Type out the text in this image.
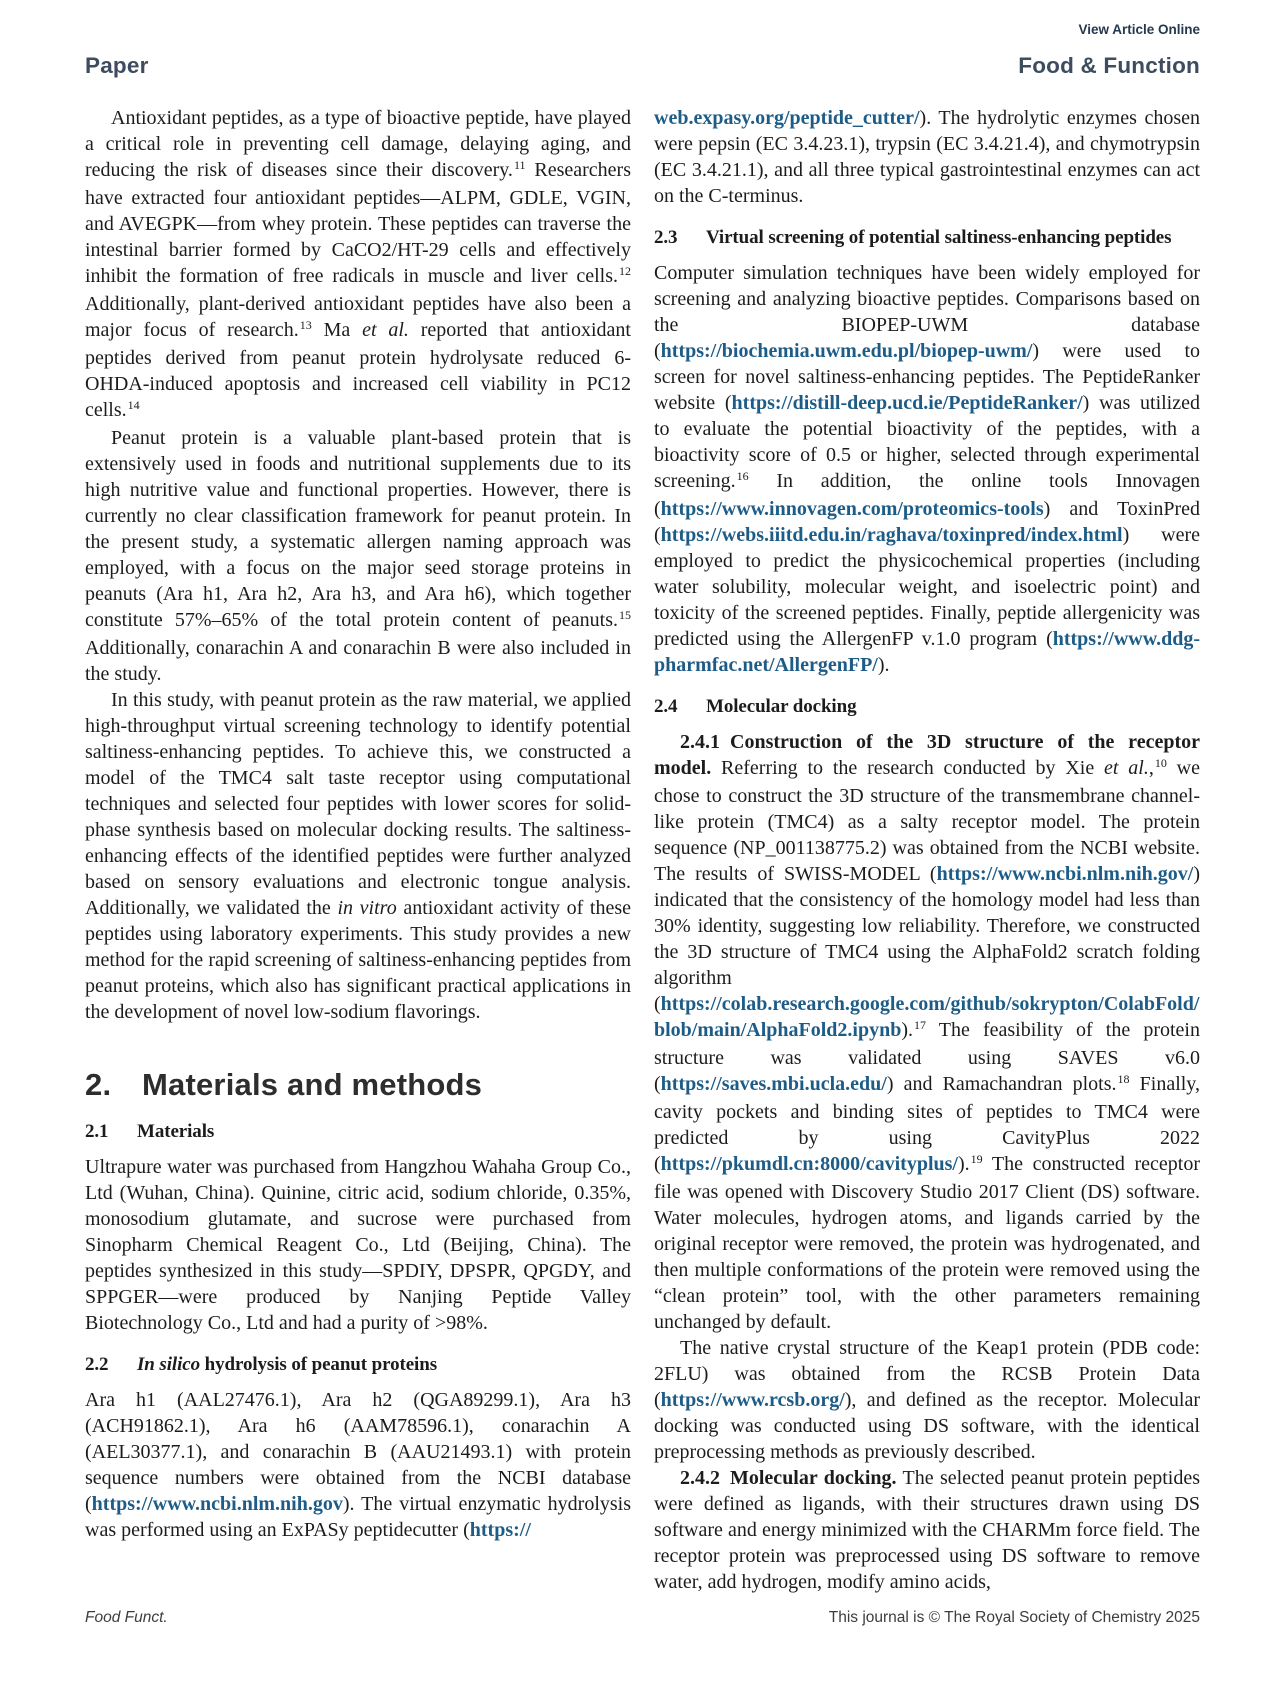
View Article Online
Paper	Food & Function

Antioxidant peptides, as a type of bioactive peptide, have played a critical role in preventing cell damage, delaying aging, and reducing the risk of diseases since their discovery.$^{11}$ Researchers have extracted four antioxidant peptides—ALPM, GDLE, VGIN, and AVEGPK—from whey protein. These peptides can traverse the intestinal barrier formed by CaCO2/HT-29 cells and effectively inhibit the formation of free radicals in muscle and liver cells.$^{12}$ Additionally, plant-derived antioxidant peptides have also been a major focus of research.$^{13}$ Ma et al. reported that antioxidant peptides derived from peanut protein hydrolysate reduced 6-OHDA-induced apoptosis and increased cell viability in PC12 cells.$^{14}$

Peanut protein is a valuable plant-based protein that is extensively used in foods and nutritional supplements due to its high nutritive value and functional properties. However, there is currently no clear classification framework for peanut protein. In the present study, a systematic allergen naming approach was employed, with a focus on the major seed storage proteins in peanuts (Ara h1, Ara h2, Ara h3, and Ara h6), which together constitute 57%–65% of the total protein content of peanuts.$^{15}$ Additionally, conarachin A and conarachin B were also included in the study.

In this study, with peanut protein as the raw material, we applied high-throughput virtual screening technology to identify potential saltiness-enhancing peptides. To achieve this, we constructed a model of the TMC4 salt taste receptor using computational techniques and selected four peptides with lower scores for solid-phase synthesis based on molecular docking results. The saltiness-enhancing effects of the identified peptides were further analyzed based on sensory evaluations and electronic tongue analysis. Additionally, we validated the in vitro antioxidant activity of these peptides using laboratory experiments. This study provides a new method for the rapid screening of saltiness-enhancing peptides from peanut proteins, which also has significant practical applications in the development of novel low-sodium flavorings.

2. Materials and methods
2.1 Materials

Ultrapure water was purchased from Hangzhou Wahaha Group Co., Ltd (Wuhan, China). Quinine, citric acid, sodium chloride, 0.35%, monosodium glutamate, and sucrose were purchased from Sinopharm Chemical Reagent Co., Ltd (Beijing, China). The peptides synthesized in this study—SPDIY, DPSPR, QPGDY, and SPPGER—were produced by Nanjing Peptide Valley Biotechnology Co., Ltd and had a purity of >98%.

2.2 In silico hydrolysis of peanut proteins

Ara h1 (AAL27476.1), Ara h2 (QGA89299.1), Ara h3 (ACH91862.1), Ara h6 (AAM78596.1), conarachin A (AEL30377.1), and conarachin B (AAU21493.1) with protein sequence numbers were obtained from the NCBI database (https://www.ncbi.nlm.nih.gov). The virtual enzymatic hydrolysis was performed using an ExPASy peptidecutter (https://

web.expasy.org/peptide_cutter/). The hydrolytic enzymes chosen were pepsin (EC 3.4.23.1), trypsin (EC 3.4.21.4), and chymotrypsin (EC 3.4.21.1), and all three typical gastrointestinal enzymes can act on the C-terminus.

2.3 Virtual screening of potential saltiness-enhancing peptides

Computer simulation techniques have been widely employed for screening and analyzing bioactive peptides. Comparisons based on the BIOPEP-UWM database (https://biochemia.uwm.edu.pl/biopep-uwm/) were used to screen for novel saltiness-enhancing peptides. The PeptideRanker website (https://distill-deep.ucd.ie/PeptideRanker/) was utilized to evaluate the potential bioactivity of the peptides, with a bioactivity score of 0.5 or higher, selected through experimental screening.$^{16}$ In addition, the online tools Innovagen (https://www.innovagen.com/proteomics-tools) and ToxinPred (https://webs.iiitd.edu.in/raghava/toxinpred/index.html) were employed to predict the physicochemical properties (including water solubility, molecular weight, and isoelectric point) and toxicity of the screened peptides. Finally, peptide allergenicity was predicted using the AllergenFP v.1.0 program (https://www.ddg-pharmfac.net/AllergenFP/).

2.4 Molecular docking

2.4.1 Construction of the 3D structure of the receptor model. Referring to the research conducted by Xie et al.,$^{10}$ we chose to construct the 3D structure of the transmembrane channel-like protein (TMC4) as a salty receptor model. The protein sequence (NP_001138775.2) was obtained from the NCBI website. The results of SWISS-MODEL (https://www.ncbi.nlm.nih.gov/) indicated that the consistency of the homology model had less than 30% identity, suggesting low reliability. Therefore, we constructed the 3D structure of TMC4 using the AlphaFold2 scratch folding algorithm (https://colab.research.google.com/github/sokrypton/ColabFold/blob/main/AlphaFold2.ipynb).$^{17}$ The feasibility of the protein structure was validated using SAVES v6.0 (https://saves.mbi.ucla.edu/) and Ramachandran plots.$^{18}$ Finally, cavity pockets and binding sites of peptides to TMC4 were predicted by using CavityPlus 2022 (https://pkumdl.cn:8000/cavityplus/).$^{19}$ The constructed receptor file was opened with Discovery Studio 2017 Client (DS) software. Water molecules, hydrogen atoms, and ligands carried by the original receptor were removed, the protein was hydrogenated, and then multiple conformations of the protein were removed using the “clean protein” tool, with the other parameters remaining unchanged by default.

The native crystal structure of the Keap1 protein (PDB code: 2FLU) was obtained from the RCSB Protein Data (https://www.rcsb.org/), and defined as the receptor. Molecular docking was conducted using DS software, with the identical preprocessing methods as previously described.

2.4.2 Molecular docking. The selected peanut protein peptides were defined as ligands, with their structures drawn using DS software and energy minimized with the CHARMm force field. The receptor protein was preprocessed using DS software to remove water, add hydrogen, modify amino acids,

Food Funct.	This journal is © The Royal Society of Chemistry 2025
